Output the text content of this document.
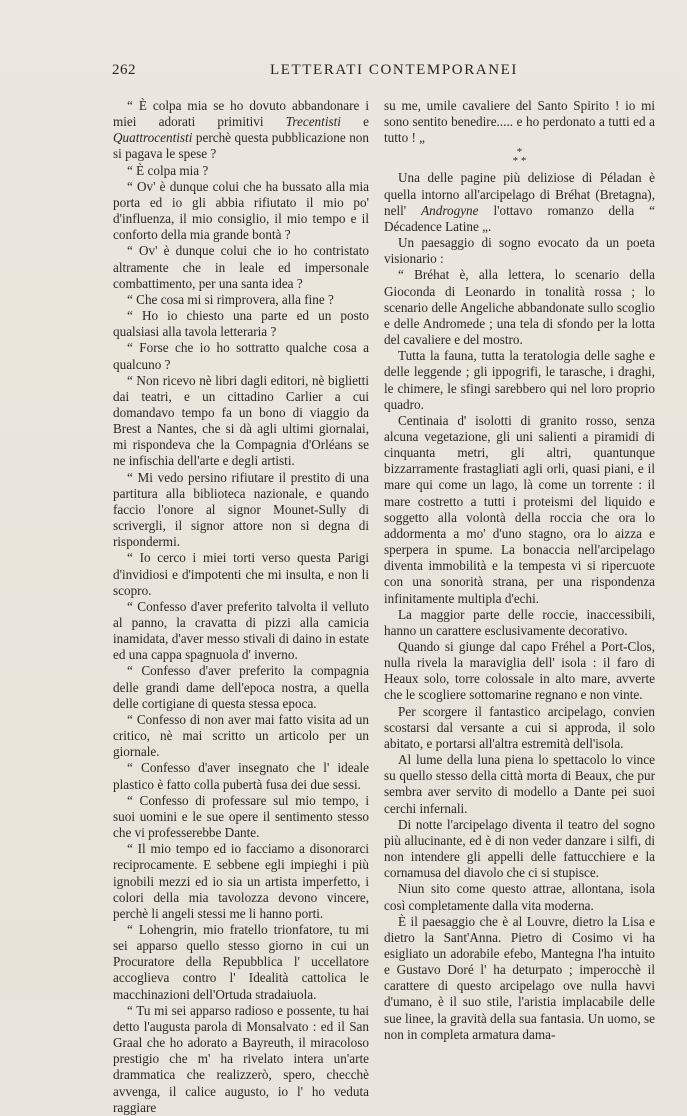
262	LETTERATI CONTEMPORANEI

“ È colpa mia se ho dovuto abbandonare i miei adorati primitivi Trecentisti e Quattrocentisti perchè questa pubblicazione non si pagava le spese ?

“ È colpa mia ?

“ Ov' è dunque colui che ha bussato alla mia porta ed io gli abbia rifiutato il mio po' d'influenza, il mio consiglio, il mio tempo e il conforto della mia grande bontà ?

“ Ov' è dunque colui che io ho contristato altramente che in leale ed impersonale combattimento, per una santa idea ?

“ Che cosa mi si rimprovera, alla fine ?

“ Ho io chiesto una parte ed un posto qualsiasi alla tavola letteraria ?

“ Forse che io ho sottratto qualche cosa a qualcuno ?

“ Non ricevo nè libri dagli editori, nè biglietti dai teatri, e un cittadino Carlier a cui domandavo tempo fa un bono di viaggio da Brest a Nantes, che si dà agli ultimi giornalai, mi rispondeva che la Compagnia d'Orléans se ne infischia dell'arte e degli artisti.

“ Mi vedo persino rifiutare il prestito di una partitura alla biblioteca nazionale, e quando faccio l'onore al signor Mounet-Sully di scrivergli, il signor attore non si degna di rispondermi.

“ Io cerco i miei torti verso questa Parigi d'invidiosi e d'impotenti che mi insulta, e non li scopro.

“ Confesso d'aver preferito talvolta il velluto al panno, la cravatta di pizzi alla camicia inamidata, d'aver messo stivali di daino in estate ed una cappa spagnuola d' inverno.

“ Confesso d'aver preferito la compagnia delle grandi dame dell'epoca nostra, a quella delle cortigiane di questa stessa epoca.

“ Confesso di non aver mai fatto visita ad un critico, nè mai scritto un articolo per un giornale.

“ Confesso d'aver insegnato che l' ideale plastico è fatto colla pubertà fusa dei due sessi.

“ Confesso di professare sul mio tempo, i suoi uomini e le sue opere il sentimento stesso che vi professerebbe Dante.

“ Il mio tempo ed io facciamo a disonorarci reciprocamente. E sebbene egli impieghi i più ignobili mezzi ed io sia un artista imperfetto, i colori della mia tavolozza devono vincere, perchè li angeli stessi me li hanno porti.

“ Lohengrin, mio fratello trionfatore, tu mi sei apparso quello stesso giorno in cui un Procuratore della Repubblica l' uccellatore accoglieva contro l' Idealità cattolica le macchinazioni dell'Ortuda stradaiuola.

“ Tu mi sei apparso radioso e possente, tu hai detto l'augusta parola di Monsalvato : ed il San Graal che ho adorato a Bayreuth, il miracoloso prestigio che m' ha rivelato intera un'arte drammatica che realizzerò, spero, checchè avvenga, il calice augusto, io l' ho veduta raggiare

su me, umile cavaliere del Santo Spirito ! io mi sono sentito benedire..... e ho perdonato a tutti ed a tutto ! „

*
* *

Una delle pagine più deliziose di Péladan è quella intorno all'arcipelago di Bréhat (Bretagna), nell' Androgyne l'ottavo romanzo della “ Décadence Latine „.

Un paesaggio di sogno evocato da un poeta visionario :

“ Bréhat è, alla lettera, lo scenario della Gioconda di Leonardo in tonalità rossa ; lo scenario delle Angeliche abbandonate sullo scoglio e delle Andromede ; una tela di sfondo per la lotta del cavaliere e del mostro.

Tutta la fauna, tutta la teratologia delle saghe e delle leggende ; gli ippogrifi, le tarasche, i draghi, le chimere, le sfingi sarebbero qui nel loro proprio quadro.

Centinaia d' isolotti di granito rosso, senza alcuna vegetazione, gli uni salienti a piramidi di cinquanta metri, gli altri, quantunque bizzarramente frastagliati agli orli, quasi piani, e il mare qui come un lago, là come un torrente : il mare costretto a tutti i proteismi del liquido e soggetto alla volontà della roccia che ora lo addormenta a mo' d'uno stagno, ora lo aizza e sperpera in spume. La bonaccia nell'arcipelago diventa immobilità e la tempesta vi si ripercuote con una sonorità strana, per una rispondenza infinitamente multipla d'echi.

La maggior parte delle roccie, inaccessibili, hanno un carattere esclusivamente decorativo.

Quando si giunge dal capo Fréhel a Port-Clos, nulla rivela la maraviglia dell' isola : il faro di Heaux solo, torre colossale in alto mare, avverte che le scogliere sottomarine regnano e non vinte.

Per scorgere il fantastico arcipelago, convien scostarsi dal versante a cui si approda, il solo abitato, e portarsi all'altra estremità dell'isola.

Al lume della luna piena lo spettacolo lo vince su quello stesso della città morta di Beaux, che pur sembra aver servito di modello a Dante pei suoi cerchi infernali.

Di notte l'arcipelago diventa il teatro del sogno più allucinante, ed è di non veder danzare i silfi, di non intendere gli appelli delle fattucchiere e la cornamusa del diavolo che ci si stupisce.

Niun sito come questo attrae, allontana, isola così completamente dalla vita moderna.

È il paesaggio che è al Louvre, dietro la Lisa e dietro la Sant'Anna. Pietro di Cosimo vi ha esigliato un adorabile efebo, Mantegna l'ha intuito e Gustavo Doré l' ha deturpato ; imperocchè il carattere di questo arcipelago ove nulla havvi d'umano, è il suo stile, l'aristia implacabile delle sue linee, la gravità della sua fantasia. Un uomo, se non in completa armatura dama-
